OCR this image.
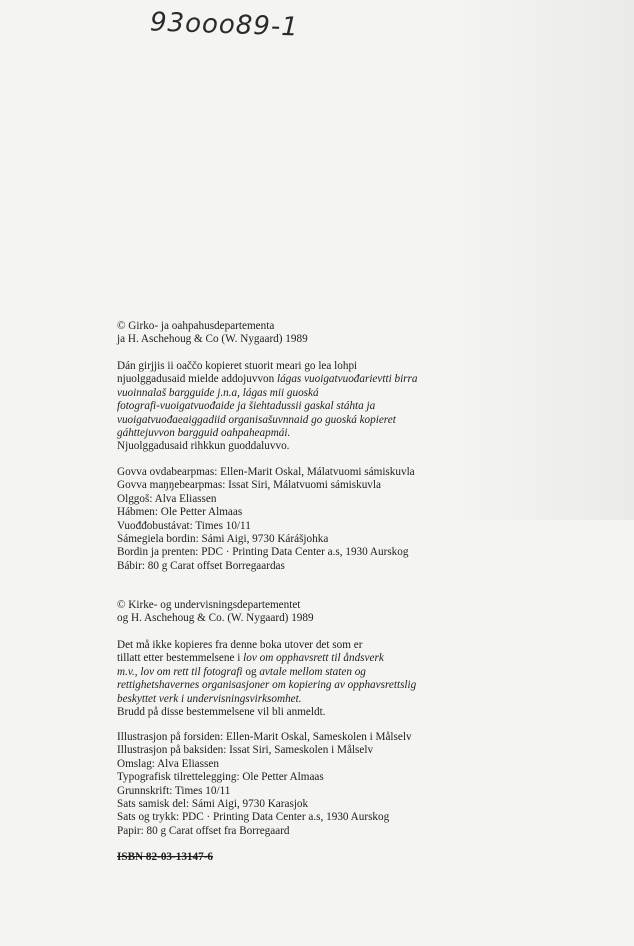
93ooo89-1
© Girko- ja oahpahusdepartementa
ja H. Aschehoug & Co (W. Nygaard) 1989
Dán girjjis ii oaččo kopieret stuorit meari go lea lohpi
njuolggadusaid mielde addojuvvon lágas vuoigatvuođarievtti birra
vuoinnalaš bargguide j.n.a, lágas mii guoská
fotografi-vuoigatvuođaide ja šiehtadussii gaskal stáhta ja
vuoigatvuođaeaiggadiid organisašuvnnaid go guoská kopieret
gáhttejuvvon bargguid oahpaheapmái.
Njuolggadusaid rihkkun guoddaluvvo.
Govva ovdabearpmas: Ellen-Marit Oskal, Málatvuomi sámiskuvla
Govva maŋŋebearpmas: Issat Siri, Málatvuomi sámiskuvla
Olggoš: Alva Eliassen
Hábmen: Ole Petter Almaas
Vuođđobustávat: Times 10/11
Sámegiela bordin: Sámi Aigi, 9730 Kárášjohka
Bordin ja prenten: PDC · Printing Data Center a.s, 1930 Aurskog
Bábir: 80 g Carat offset Borregaardas
© Kirke- og undervisningsdepartementet
og H. Aschehoug & Co. (W. Nygaard) 1989
Det må ikke kopieres fra denne boka utover det som er
tillatt etter bestemmelsene i lov om opphavsrett til åndsverk
m.v., lov om rett til fotografi og avtale mellom staten og
rettighetshavernes organisasjoner om kopiering av opphavsrettslig
beskyttet verk i undervisningsvirksomhet.
Brudd på disse bestemmelsene vil bli anmeldt.
Illustrasjon på forsiden: Ellen-Marit Oskal, Sameskolen i Målselv
Illustrasjon på baksiden: Issat Siri, Sameskolen i Målselv
Omslag: Alva Eliassen
Typografisk tilrettelegging: Ole Petter Almaas
Grunnskrift: Times 10/11
Sats samisk del: Sámi Aigi, 9730 Karasjok
Sats og trykk: PDC · Printing Data Center a.s, 1930 Aurskog
Papir: 80 g Carat offset fra Borregaard
ISBN 82-03-13147-6
